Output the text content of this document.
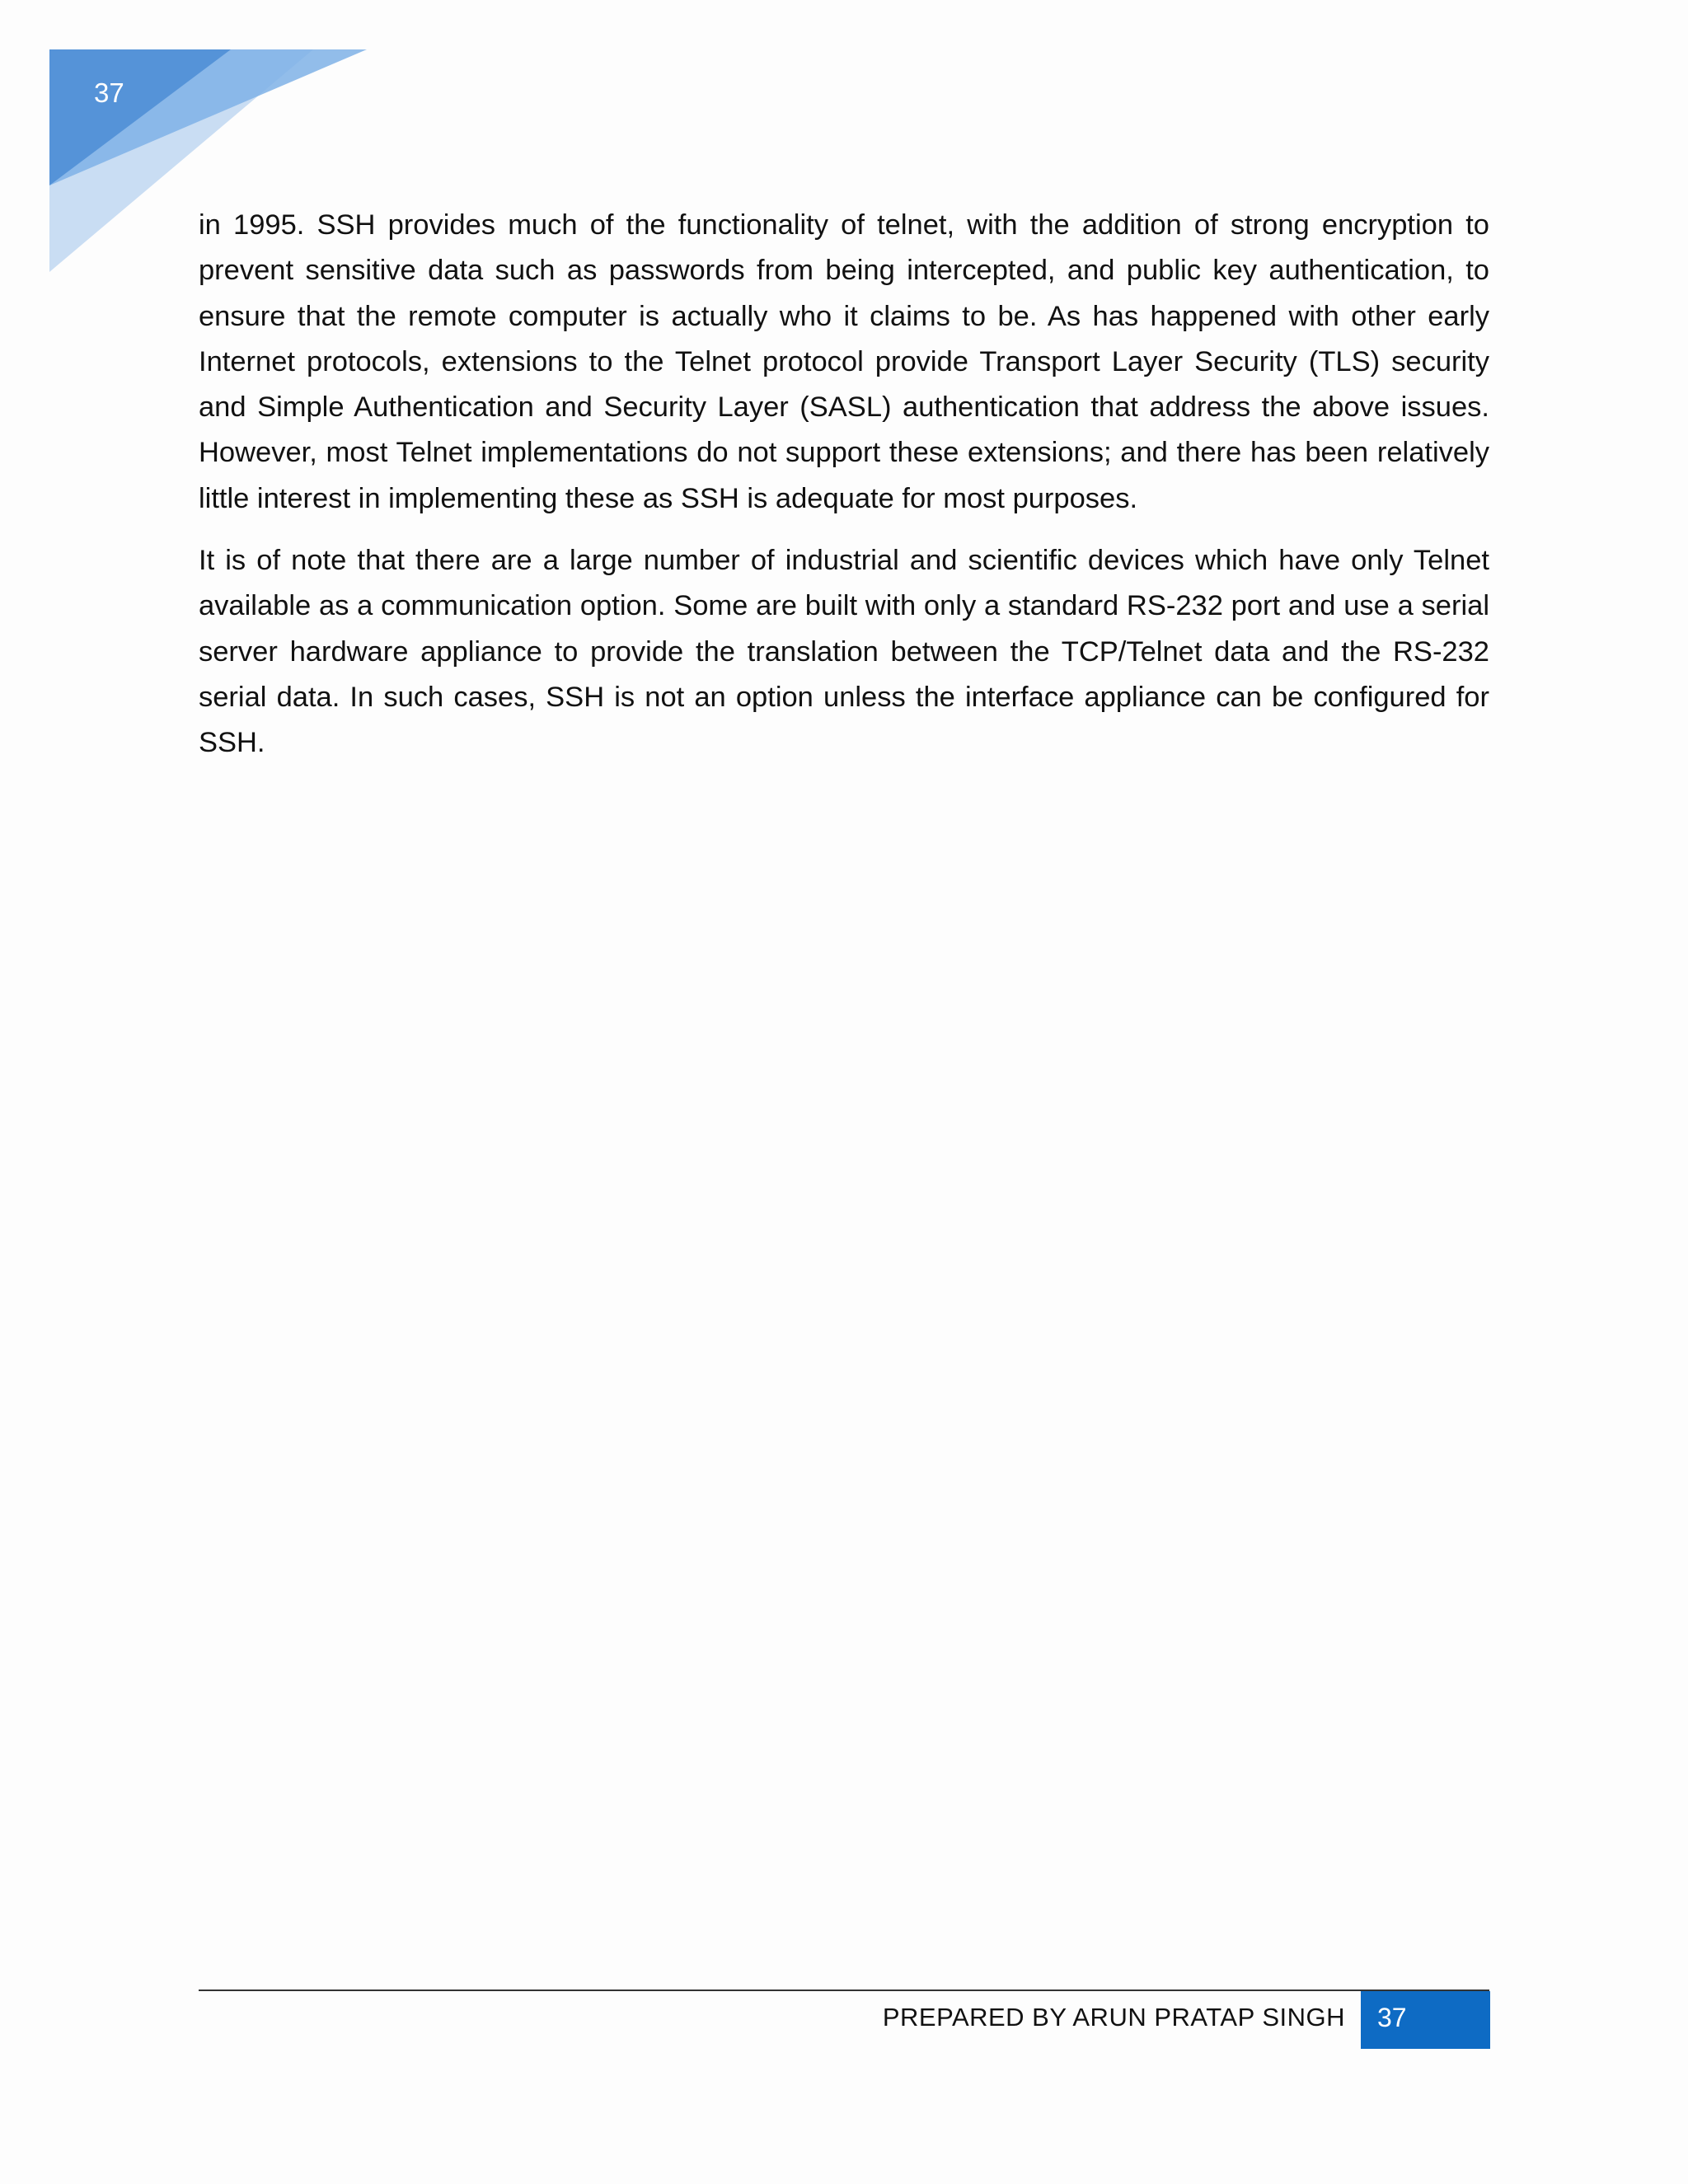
37

in 1995. SSH provides much of the functionality of telnet, with the addition of strong encryption to prevent sensitive data such as passwords from being intercepted, and public key authentication, to ensure that the remote computer is actually who it claims to be. As has happened with other early Internet protocols, extensions to the Telnet protocol provide Transport Layer Security (TLS) security and Simple Authentication and Security Layer (SASL) authentication that address the above issues. However, most Telnet implementations do not support these extensions; and there has been relatively little interest in implementing these as SSH is adequate for most purposes.

It is of note that there are a large number of industrial and scientific devices which have only Telnet available as a communication option. Some are built with only a standard RS-232 port and use a serial server hardware appliance to provide the translation between the TCP/Telnet data and the RS-232 serial data. In such cases, SSH is not an option unless the interface appliance can be configured for SSH.

PREPARED BY ARUN PRATAP SINGH 37
